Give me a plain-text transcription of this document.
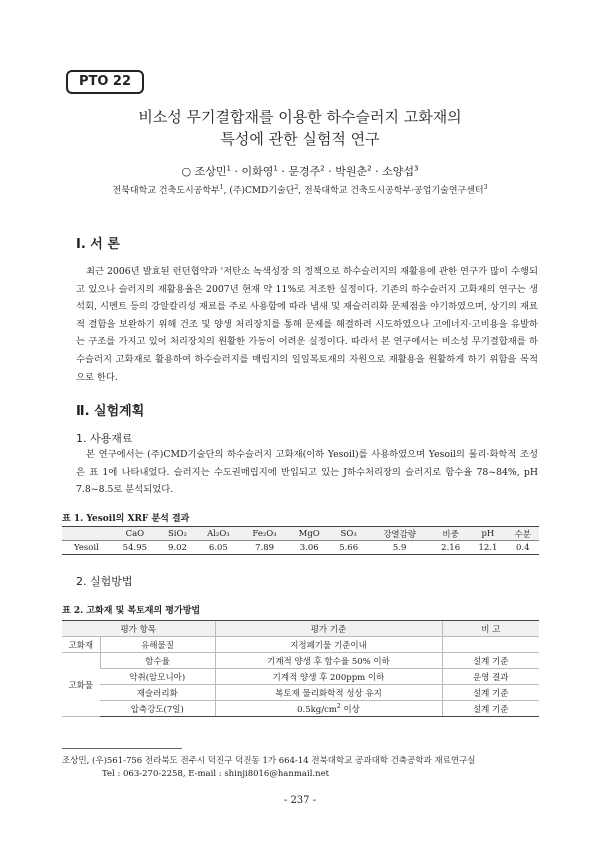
PTO 22
비소성 무기결합재를 이용한 하수슬러지 고화재의
특성에 관한 실험적 연구
○ 조상민$^1$ · 이화영$^1$ · 문경주$^2$ · 박원춘$^2$ · 소양섭$^3$
전북대학교 건축도시공학부$^1$, (주)CMD기술단$^2$, 전북대학교 건축도시공학부·공업기술연구센터$^3$
Ⅰ. 서 론

최근 2006년 발효된 런던협약과 '저탄소 녹색성장 의 정책으로 하수슬러지의 재활용에 관한 연구가 많이 수행되고 있으나 슬러지의 재활용율은 2007년 현재 약 11%로 저조한 실정이다. 기존의 하수슬러지 고화재의 연구는 생석회, 시멘트 등의 강알칼리성 재료를 주로 사용함에 따라 냄새 및 재슬러리화 문제점을 야기하였으며, 상기의 재료적 결함을 보완하기 위해 건조 및 양생 처리장치를 통해 문제를 해결하려 시도하였으나 고에너지·고비용을 유발하는 구조를 가지고 있어 처리장치의 원활한 가동이 어려운 실정이다. 따라서 본 연구에서는 비소성 무기결합재를 하수슬러지 고화재로 활용하여 하수슬러지를 매립지의 일일복토재의 자원으로 재활용을 원활하게 하기 위함을 목적으로 한다.

Ⅱ. 실험계획
1. 사용재료

본 연구에서는 (주)CMD기술단의 하수슬러지 고화재(이하 Yesoil)를 사용하였으며 Yesoil의 물리·화학적 조성은 표 1에 나타내었다. 슬러지는 수도권매립지에 반입되고 있는 J하수처리장의 슬러지로 함수율 78~84%, pH 7.8~8.5로 분석되었다.

표 1. Yesoil의 XRF 분석 결과
	CaO	SiO₂	Al₂O₃	Fe₂O₃	MgO	SO₃	강열감량	비중	pH	수분
Yesoil	54.95	9.02	6.05	7.89	3.06	5.66	5.9	2.16	12.1	0.4
2. 실험방법
표 2. 고화재 및 복토재의 평가방법
평가 항목		평가 기준	비 고
고화재	유해물질	지정폐기물 기준이내	
고화물	함수율	기계적 양생 후 함수율 50% 이하	설계 기준
	악취(암모니아)	기계적 양생 후 200ppm 이하	운영 결과
	재슬러리화	복토재 물리화학적 성상 유지	설계 기준
	압축강도(7일)	$0.5kg/cm^2$ 이상	설계 기준
조상민, (우)561-756 전라북도 전주시 덕진구 덕진동 1가 664-14 전북대학교 공과대학 건축공학과 재료연구실
Tel : 063-270-2258, E-mail : shinji8016@hanmail.net
- 237 -
